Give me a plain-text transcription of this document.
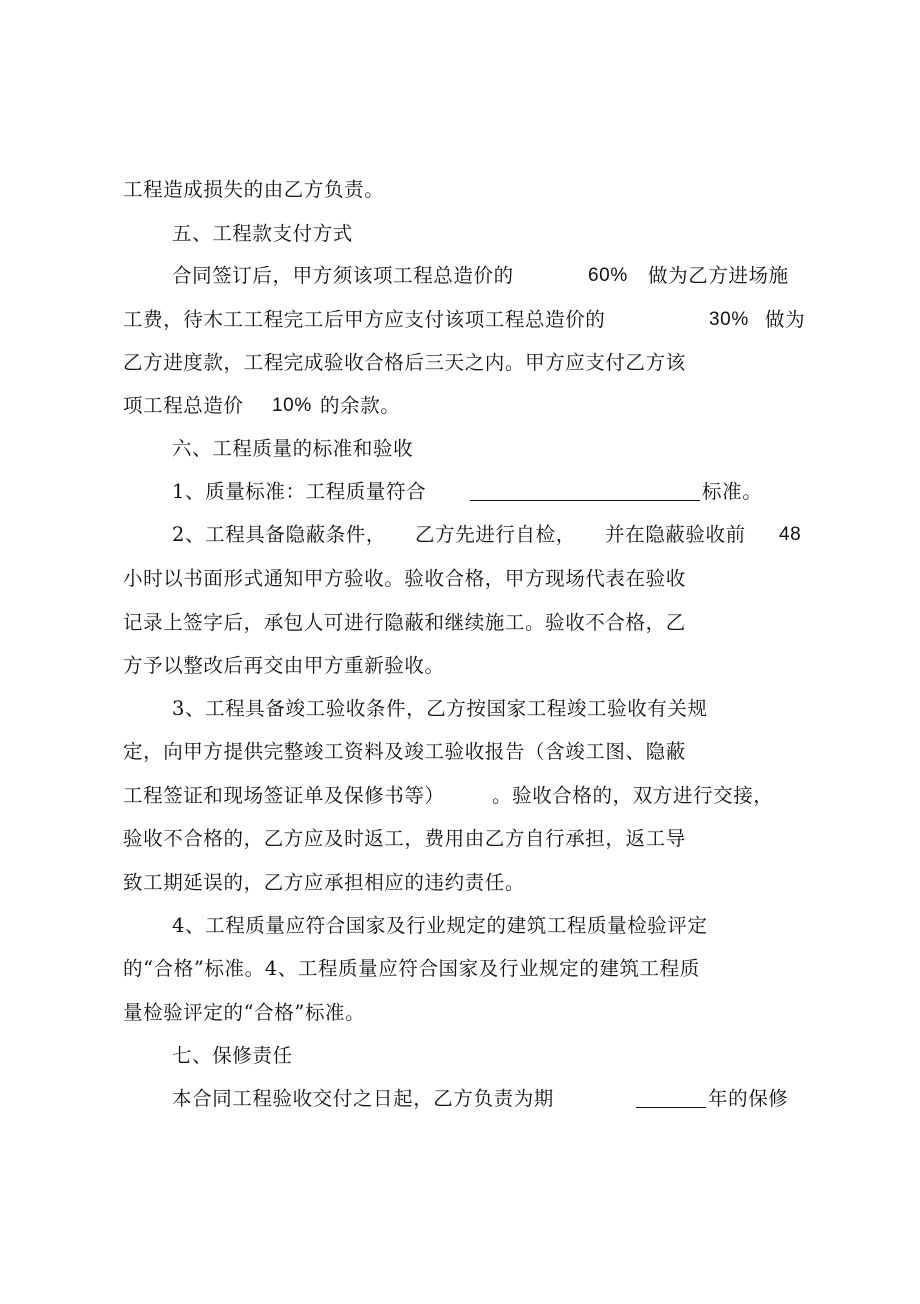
工程造成损失的由乙方负责。
五、工程款支付方式
合同签订后，甲方须该项工程总造价的	60% 做为乙方进场施
工费，待木工工程完工后甲方应支付该项工程总造价的	30% 做为
乙方进度款，工程完成验收合格后三天之内。甲方应支付乙方该
项工程总造价 10% 的余款。
六、工程质量的标准和验收
1、质量标准：工程质量符合	标准。
2、工程具备隐蔽条件， 乙方先进行自检， 并在隐蔽验收前 48
小时以书面形式通知甲方验收。验收合格，甲方现场代表在验收
记录上签字后，承包人可进行隐蔽和继续施工。验收不合格，乙
方予以整改后再交由甲方重新验收。
3、工程具备竣工验收条件，乙方按国家工程竣工验收有关规
定，向甲方提供完整竣工资料及竣工验收报告（含竣工图、隐蔽
工程签证和现场签证单及保修书等） 。验收合格的，双方进行交接，
验收不合格的，乙方应及时返工，费用由乙方自行承担，返工导
致工期延误的，乙方应承担相应的违约责任。
4、工程质量应符合国家及行业规定的建筑工程质量检验评定
的“合格”标准。4、工程质量应符合国家及行业规定的建筑工程质
量检验评定的“合格”标准。
七、保修责任
本合同工程验收交付之日起，乙方负责为期	年的保修
